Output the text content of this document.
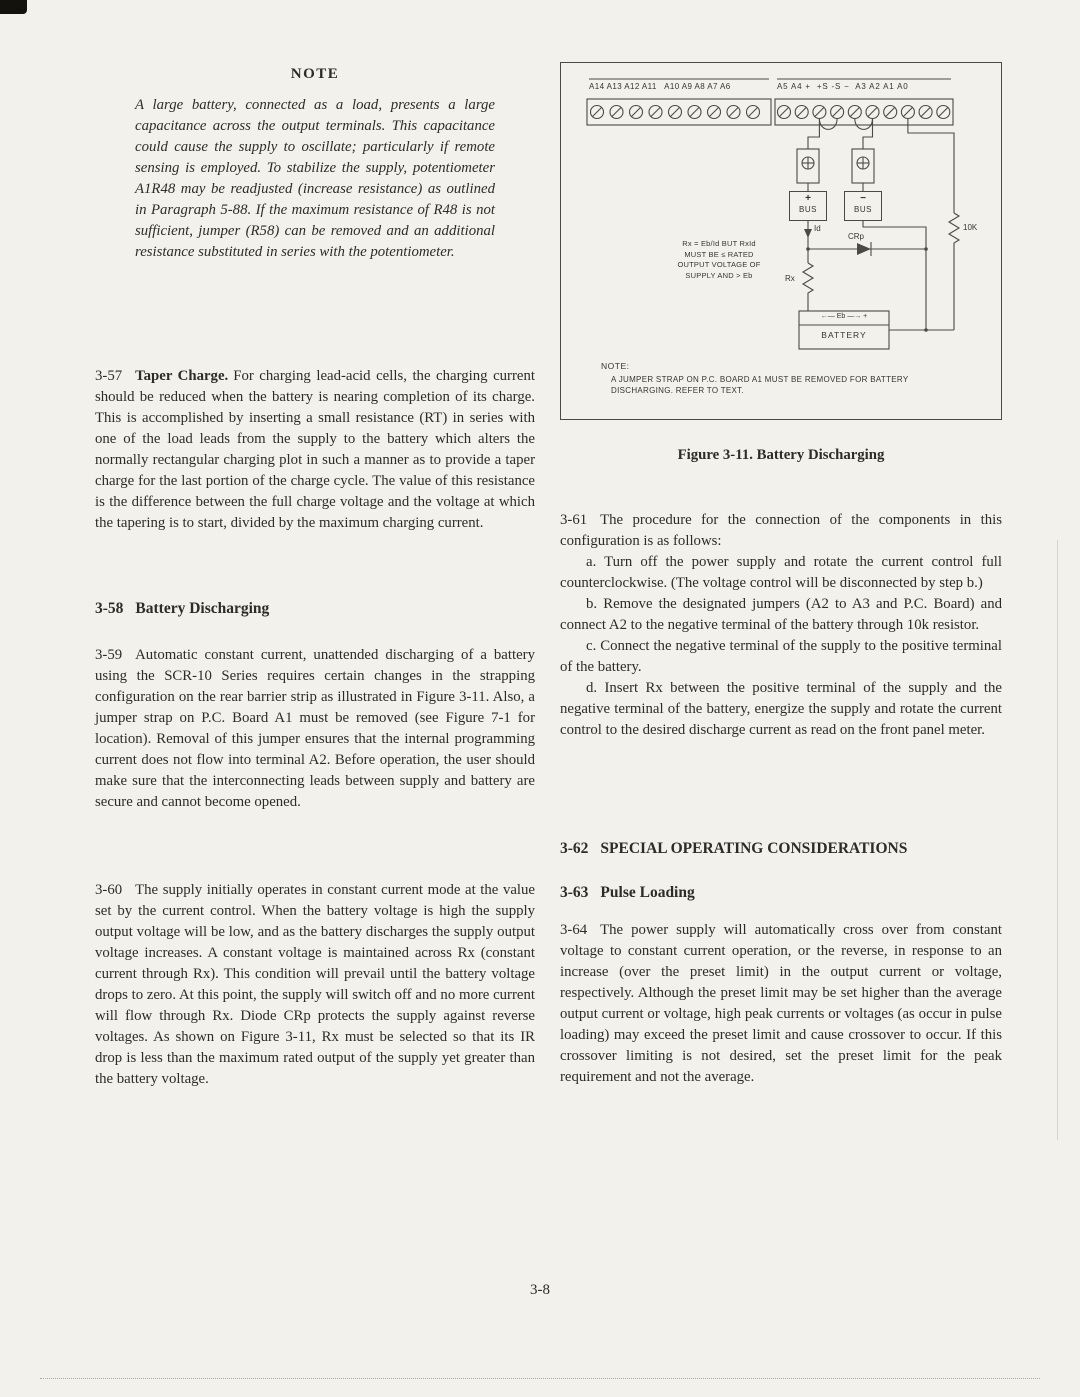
NOTE

A large battery, connected as a load, presents a large capacitance across the output terminals. This capacitance could cause the supply to oscillate; particularly if remote sensing is employed. To stabilize the supply, potentiometer A1R48 may be readjusted (increase resistance) as outlined in Paragraph 5-88. If the maximum resistance of R48 is not sufficient, jumper (R58) can be removed and an additional resistance substituted in series with the potentiometer.

3-57 Taper Charge. For charging lead-acid cells, the charging current should be reduced when the battery is nearing completion of its charge. This is accomplished by inserting a small resistance (RT) in series with one of the load leads from the supply to the battery which alters the normally rectangular charging plot in such a manner as to provide a taper charge for the last portion of the charge cycle. The value of this resistance is the difference between the full charge voltage and the voltage at which the tapering is to start, divided by the maximum charging current.

3-58 Battery Discharging

3-59 Automatic constant current, unattended discharging of a battery using the SCR-10 Series requires certain changes in the strapping configuration on the rear barrier strip as illustrated in Figure 3-11. Also, a jumper strap on P.C. Board A1 must be removed (see Figure 7-1 for location). Removal of this jumper ensures that the internal programming current does not flow into terminal A2. Before operation, the user should make sure that the interconnecting leads between supply and battery are secure and cannot become opened.

3-60 The supply initially operates in constant current mode at the value set by the current control. When the battery voltage is high the supply output voltage will be low, and as the battery discharges the supply output voltage increases. A constant voltage is maintained across Rx (constant current through Rx). This condition will prevail until the battery voltage drops to zero. At this point, the supply will switch off and no more current will flow through Rx. Diode CRp protects the supply against reverse voltages. As shown on Figure 3-11, Rx must be selected so that its IR drop is less than the maximum rated output of the supply yet greater than the battery voltage.

A14 A13 A12 A11   A10 A9 A8 A7 A6	A5 A4 +  +S -S −  A3 A2 A1 A0
+
BUS
−
BUS
Id
CRp
Rx = Eb/Id BUT RxId
MUST BE ≤ RATED
OUTPUT VOLTAGE OF
SUPPLY AND > Eb	Rx
10K
←— Eb —→ +
BATTERY
NOTE:
A JUMPER STRAP ON P.C. BOARD A1 MUST BE REMOVED FOR BATTERY DISCHARGING. REFER TO TEXT.
Figure 3-11. Battery Discharging

3-61 The procedure for the connection of the components in this configuration is as follows:

a. Turn off the power supply and rotate the current control full counterclockwise. (The voltage control will be disconnected by step b.)

b. Remove the designated jumpers (A2 to A3 and P.C. Board) and connect A2 to the negative terminal of the battery through 10k resistor.

c. Connect the negative terminal of the supply to the positive terminal of the battery.

d. Insert Rx between the positive terminal of the supply and the negative terminal of the battery, energize the supply and rotate the current control to the desired discharge current as read on the front panel meter.

3-62 SPECIAL OPERATING CONSIDERATIONS
3-63 Pulse Loading

3-64 The power supply will automatically cross over from constant voltage to constant current operation, or the reverse, in response to an increase (over the preset limit) in the output current or voltage, respectively. Although the preset limit may be set higher than the average output current or voltage, high peak currents or voltages (as occur in pulse loading) may exceed the preset limit and cause crossover to occur. If this crossover limiting is not desired, set the preset limit for the peak requirement and not the average.

3-8
